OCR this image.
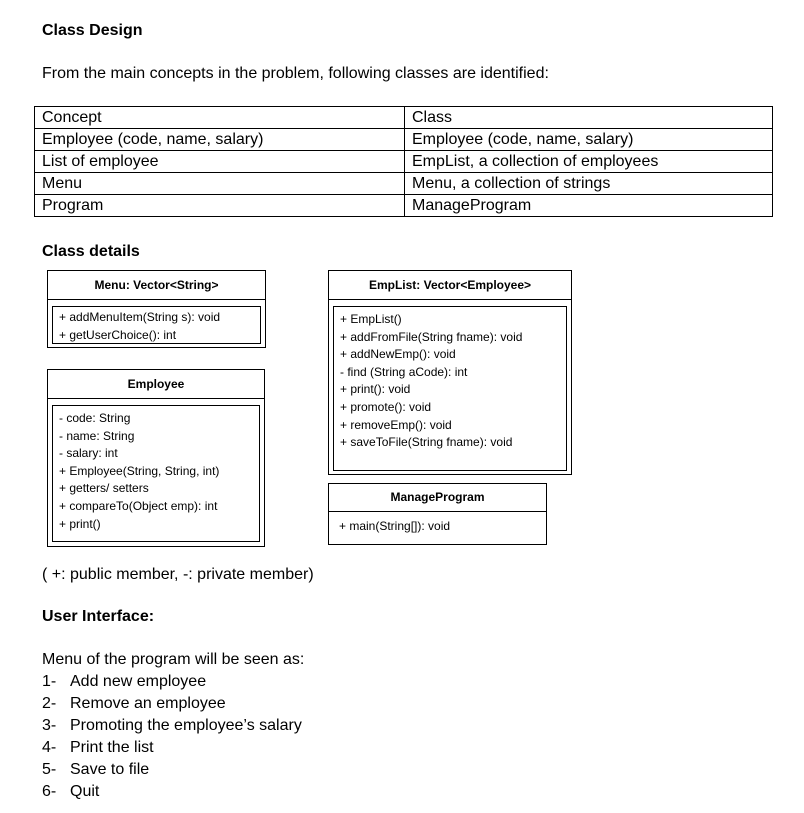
Class Design
From the main concepts in the problem, following classes are identified:
Concept	Class
Employee (code, name, salary)	Employee (code, name, salary)
List of employee	EmpList, a collection of employees
Menu	Menu, a collection of strings
Program	ManageProgram
Class details
Menu: Vector<String>
+ addMenuItem(String s): void
+ getUserChoice(): int
Employee
- code: String
- name: String
- salary: int
+ Employee(String, String, int)
+ getters/ setters
+ compareTo(Object emp): int
+ print()
EmpList: Vector<Employee>
+ EmpList()
+ addFromFile(String fname): void
+ addNewEmp(): void
- find (String aCode): int
+ print(): void
+ promote(): void
+ removeEmp(): void
+ saveToFile(String fname): void
ManageProgram
+ main(String[]): void
( +: public member, -: private member)
User Interface:
Menu of the program will be seen as:
1- Add new employee
2- Remove an employee
3- Promoting the employee’s salary
4- Print the list
5- Save to file
6- Quit
